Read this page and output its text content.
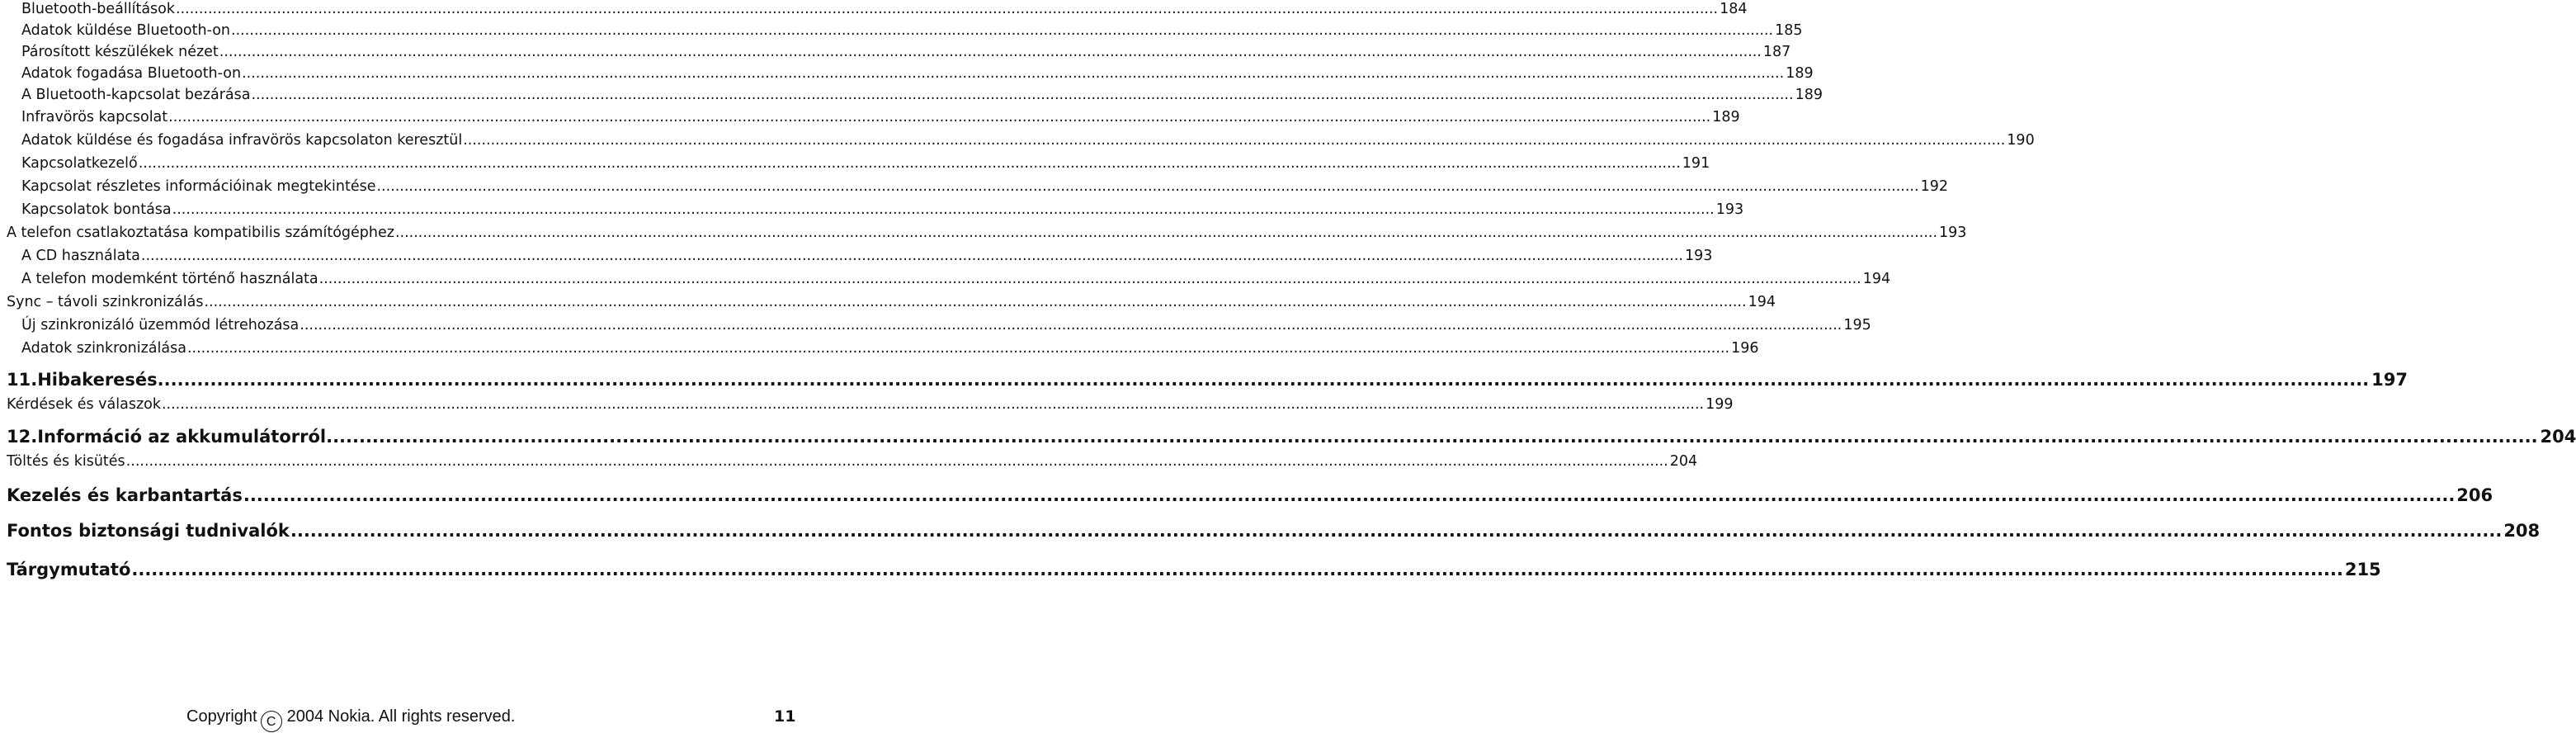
Bluetooth-beállítások .....	184
Adatok küldése Bluetooth-on .....	185
Párosított készülékek nézet .....	187
Adatok fogadása Bluetooth-on .....	189
A Bluetooth-kapcsolat bezárása .....	189
Infravörös kapcsolat .....	189
Adatok küldése és fogadása infravörös kapcsolaton keresztül .....	190
Kapcsolatkezelő .....	191
Kapcsolat részletes információinak megtekintése .....	192
Kapcsolatok bontása .....	193
A telefon csatlakoztatása kompatibilis számítógéphez .....	193
A CD használata .....	193
A telefon modemként történő használata .....	194
Sync – távoli szinkronizálás .....	194
Új szinkronizáló üzemmód létrehozása .....	195
Adatok szinkronizálása .....	196
11.Hibakeresés .....	197
Kérdések és válaszok .....	199
12.Információ az akkumulátorról .....	204
Töltés és kisütés .....	204
Kezelés és karbantartás .....	206
Fontos biztonsági tudnivalók .....	208
Tárgymutató .....	215
Copyright C 2004 Nokia. All rights reserved.	11
